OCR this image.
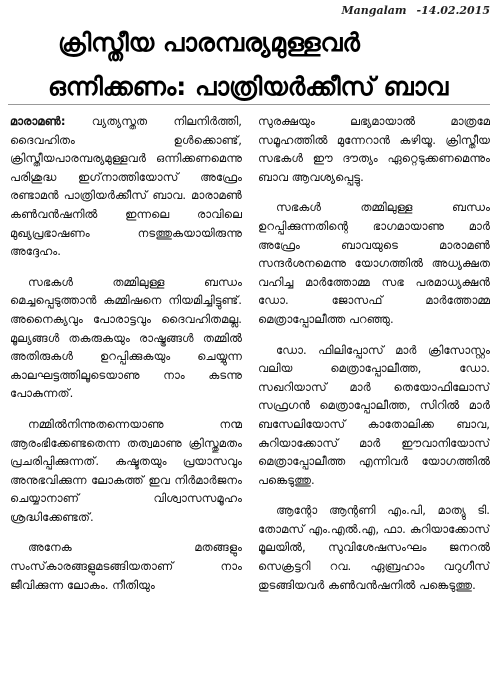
Mangalam -14.02.2015
ക്രിസ്തീയ പാരമ്പര്യമുള്ളവര്‍
ഒന്നിക്കണം: പാത്രിയര്‍ക്കീസ് ബാവ

മാരാമണ്‍: വ്യത്യസ്തത നിലനിര്‍ത്തി, ദൈവഹിതം ഉള്‍ക്കൊണ്ട്, ക്രിസ്തീയപാരമ്പര്യമുള്ളവര്‍ ഒന്നിക്കണമെന്നു പരിശുദ്ധ ഇഗ്‌നാത്തിയോസ് അഫ്രേം രണ്ടാമന്‍ പാത്രിയര്‍ക്കീസ് ബാവ. മാരാമണ്‍ കണ്‍വന്‍ഷനില്‍ ഇന്നലെ രാവിലെ മുഖ്യപ്രഭാഷണം നടത്തുകയായിരുന്നു അദ്ദേഹം.

സഭകള്‍ തമ്മിലുള്ള ബന്ധം മെച്ചപ്പെടുത്താന്‍ കമ്മിഷനെ നിയമിച്ചിട്ടുണ്ട്. അനൈക്യവും പോരാട്ടവും ദൈവഹിതമല്ല. മൂല്യങ്ങള്‍ തകരുകയും രാഷ്ട്രങ്ങള്‍ തമ്മില്‍ അതിരുകള്‍ ഉറപ്പിക്കുകയും ചെയ്യുന്ന കാലഘട്ടത്തിലൂടെയാണു നാം കടന്നു പോകുന്നത്.

നമ്മില്‍നിന്നുതന്നെയാണു നന്മ ആരംഭിക്കേണ്ടതെന്ന തത്വമാണു ക്രിസ്തുമതം പ്രചരിപ്പിക്കുന്നത്. കഷ്ടതയും പ്രയാസവും അനുഭവിക്കുന്ന ലോകത്ത് ഇവ നിര്‍മാര്‍ജനം ചെയ്യാനാണ് വിശ്വാസസമൂഹം ശ്രദ്ധിക്കേണ്ടത്.

അനേക മതങ്ങളും സംസ്‌കാരങ്ങളുമടങ്ങിയതാണ് നാം ജീവിക്കുന്ന ലോകം. നീതിയും

സുരക്ഷയും ലഭ്യമായാല്‍ മാത്രമേ സമൂഹത്തില്‍ മുന്നേറാന്‍ കഴിയൂ. ക്രിസ്തീയ സഭകള്‍ ഈ ദൗത്യം ഏറ്റെടുക്കണമെന്നും ബാവ ആവശ്യപ്പെട്ടു.

സഭകള്‍ തമ്മിലുള്ള ബന്ധം ഉറപ്പിക്കുന്നതിന്റെ ഭാഗമായാണു മാര്‍ അഫ്രേം ബാവയുടെ മാരാമണ്‍ സന്ദര്‍ശനമെന്നു യോഗത്തില്‍ അധ്യക്ഷത വഹിച്ച മാര്‍ത്തോമ്മ സഭ പരമാധ്യക്ഷന്‍ ഡോ. ജോസഫ് മാര്‍ത്തോമ്മ മെത്രാപ്പോലീത്ത പറഞ്ഞു.

ഡോ. ഫിലിപ്പോസ് മാര്‍ ക്രിസോസ്റ്റം വലിയ മെത്രാപ്പോലീത്ത, ഡോ. സഖറിയാസ് മാര്‍ തെയോഫിലോസ് സഫ്രഗന്‍ മെത്രാപ്പോലീത്ത, സിറില്‍ മാര്‍ ബസേലിയോസ് കാതോലിക്ക ബാവ, കുറിയാക്കോസ് മാര്‍ ഈവാനിയോസ് മെത്രാപ്പോലീത്ത എന്നിവര്‍ യോഗത്തില്‍ പങ്കെടുത്തു.

ആന്റോ ആന്റണി എം.പി, മാത്യു ടി. തോമസ് എം.എല്‍.എ, ഫാ. കുറിയാക്കോസ് മൂലയില്‍, സുവിശേഷസംഘം ജനറല്‍ സെക്രട്ടറി റവ. ഏബ്രഹാം വറുഗീസ് തുടങ്ങിയവര്‍ കണ്‍വന്‍ഷനില്‍ പങ്കെടുത്തു.
